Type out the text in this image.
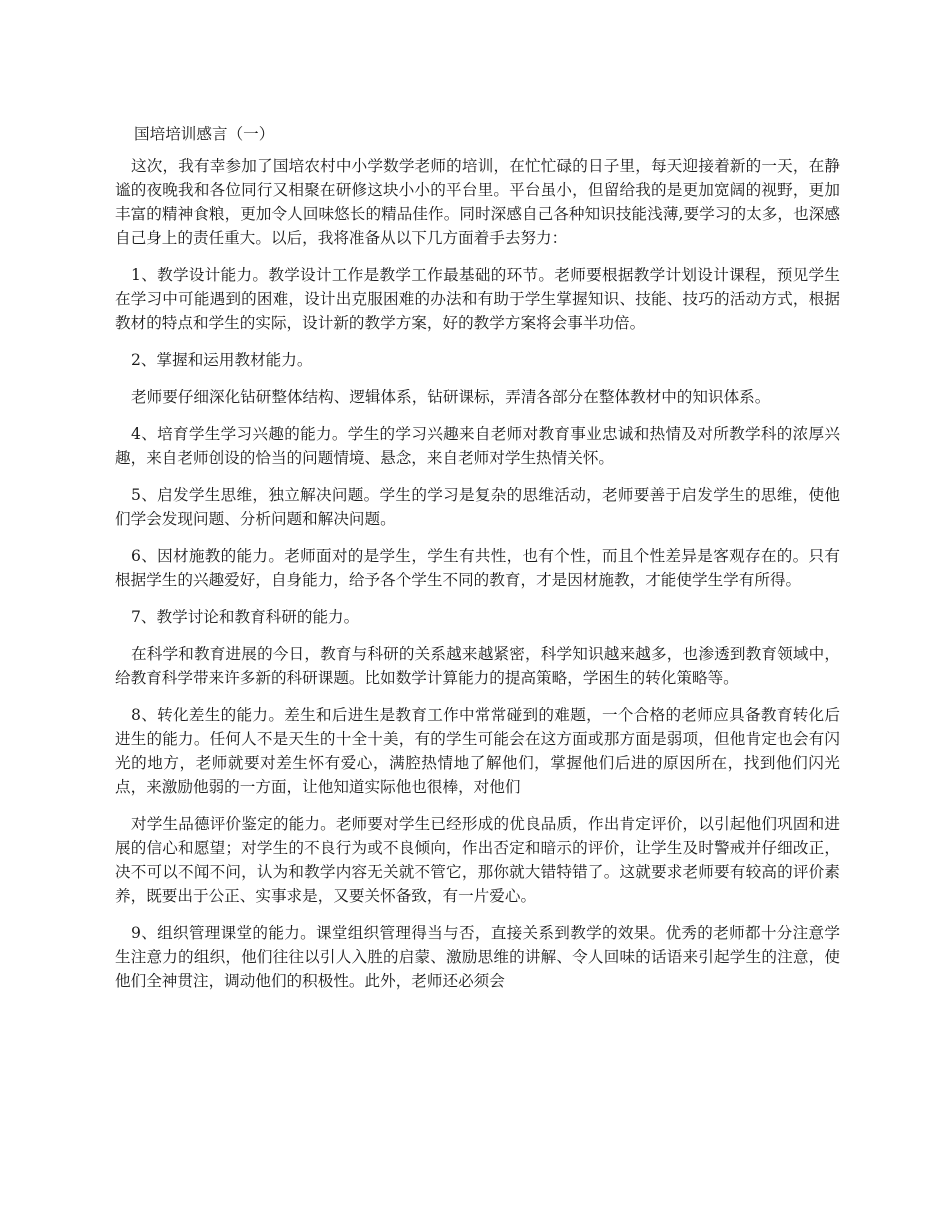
国培培训感言（一）

这次，我有幸参加了国培农村中小学数学老师的培训，在忙忙碌的日子里，每天迎接着新的一天，在静谧的夜晚我和各位同行又相聚在研修这块小小的平台里。平台虽小，但留给我的是更加宽阔的视野，更加丰富的精神食粮，更加令人回味悠长的精品佳作。同时深感自己各种知识技能浅薄,要学习的太多，也深感自己身上的责任重大。以后，我将准备从以下几方面着手去努力：

1、教学设计能力。教学设计工作是教学工作最基础的环节。老师要根据教学计划设计课程，预见学生在学习中可能遇到的困难，设计出克服困难的办法和有助于学生掌握知识、技能、技巧的活动方式，根据教材的特点和学生的实际，设计新的教学方案，好的教学方案将会事半功倍。

2、掌握和运用教材能力。

老师要仔细深化钻研整体结构、逻辑体系，钻研课标，弄清各部分在整体教材中的知识体系。

4、培育学生学习兴趣的能力。学生的学习兴趣来自老师对教育事业忠诚和热情及对所教学科的浓厚兴趣，来自老师创设的恰当的问题情境、悬念，来自老师对学生热情关怀。

5、启发学生思维，独立解决问题。学生的学习是复杂的思维活动，老师要善于启发学生的思维，使他们学会发现问题、分析问题和解决问题。

6、因材施教的能力。老师面对的是学生，学生有共性，也有个性，而且个性差异是客观存在的。只有根据学生的兴趣爱好，自身能力，给予各个学生不同的教育，才是因材施教，才能使学生学有所得。

7、教学讨论和教育科研的能力。

在科学和教育进展的今日，教育与科研的关系越来越紧密，科学知识越来越多，也渗透到教育领域中，给教育科学带来许多新的科研课题。比如数学计算能力的提高策略，学困生的转化策略等。

8、转化差生的能力。差生和后进生是教育工作中常常碰到的难题，一个合格的老师应具备教育转化后进生的能力。任何人不是天生的十全十美，有的学生可能会在这方面或那方面是弱项，但他肯定也会有闪光的地方，老师就要对差生怀有爱心，满腔热情地了解他们，掌握他们后进的原因所在，找到他们闪光点，来激励他弱的一方面，让他知道实际他也很棒，对他们

对学生品德评价鉴定的能力。老师要对学生已经形成的优良品质，作出肯定评价，以引起他们巩固和进展的信心和愿望；对学生的不良行为或不良倾向，作出否定和暗示的评价，让学生及时警戒并仔细改正，决不可以不闻不问，认为和教学内容无关就不管它，那你就大错特错了。这就要求老师要有较高的评价素养，既要出于公正、实事求是，又要关怀备致，有一片爱心。

9、组织管理课堂的能力。课堂组织管理得当与否，直接关系到教学的效果。优秀的老师都十分注意学生注意力的组织，他们往往以引人入胜的启蒙、激励思维的讲解、令人回味的话语来引起学生的注意，使他们全神贯注，调动他们的积极性。此外，老师还必须会
